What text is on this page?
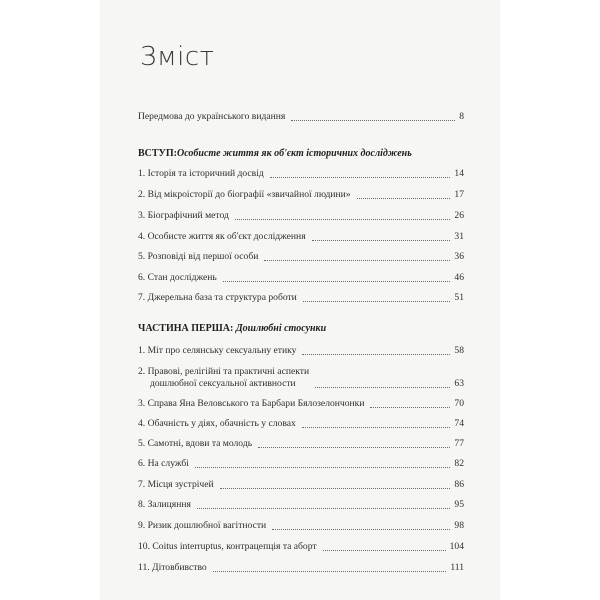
Зміст
Передмова до українського видання	8
ВСТУП:Особисте життя як об'єкт історичних досліджень
1. Історія та історичний досвід	14
2. Від мікроісторії до біографії «звичайної людини»	17
3. Біографічний метод	26
4. Особисте життя як об'єкт дослідження	31
5. Розповіді від першої особи	36
6. Стан досліджень	46
7. Джерельна база та структура роботи	51
ЧАСТИНА ПЕРША: Дошлюбні стосунки
1. Міт про селянську сексуальну етику	58
2. Правові, релігійні та практичні аспекти
дошлюбної сексуальної активности	63
3. Справа Яна Веловського та Барбари Бялозелончонки	70
4. Обачність у діях, обачність у словах	74
5. Самотні, вдови та молодь	77
6. На службі	82
7. Місця зустрічей	86
8. Залицяння	95
9. Ризик дошлюбної вагітности	98
10. Coitus interruptus, контрацепція та аборт	104
11. Дітовбивство	111
